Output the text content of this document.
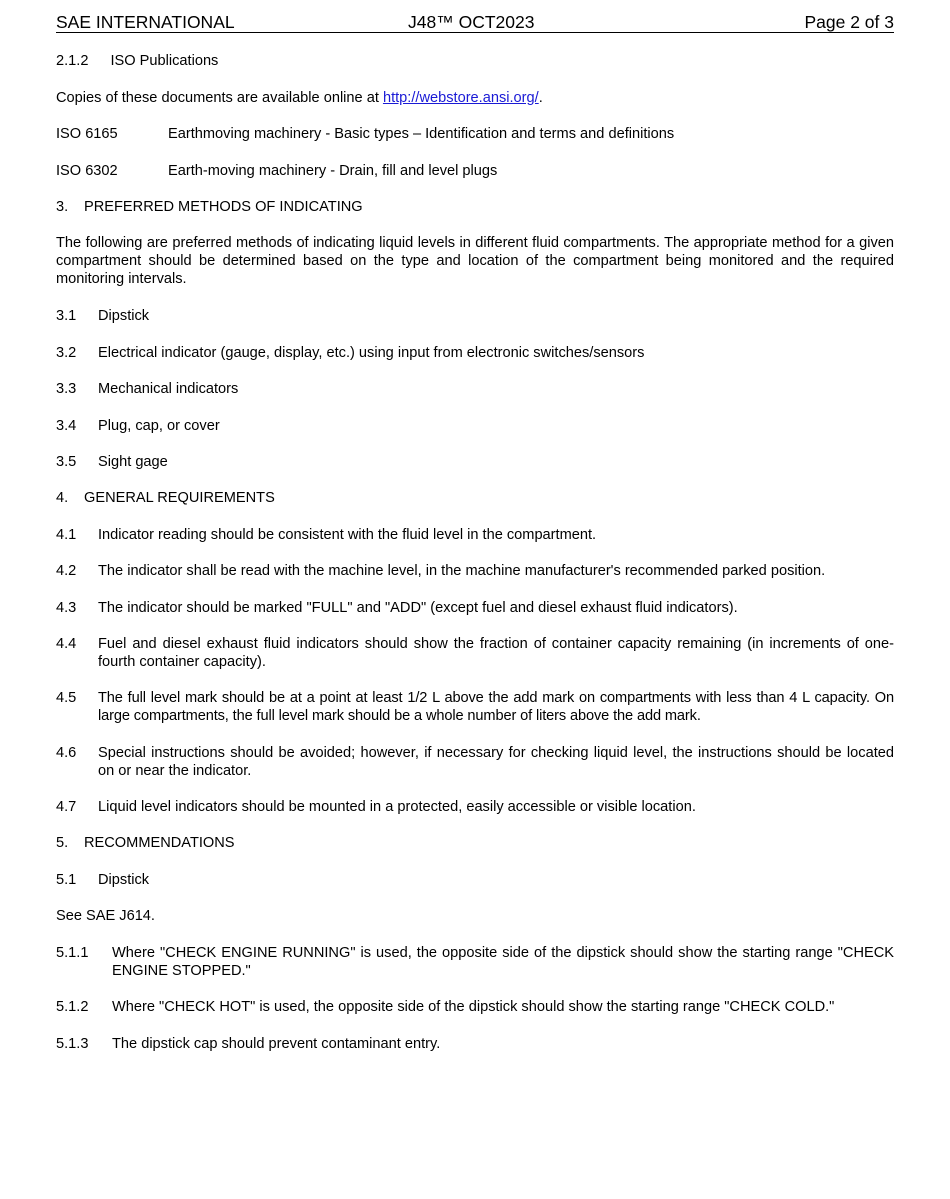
SAE INTERNATIONAL	J48™ OCT2023	Page 2 of 3
2.1.2 ISO Publications
Copies of these documents are available online at http://webstore.ansi.org/.
ISO 6165	Earthmoving machinery - Basic types – Identification and terms and definitions
ISO 6302	Earth-moving machinery - Drain, fill and level plugs
3. PREFERRED METHODS OF INDICATING
The following are preferred methods of indicating liquid levels in different fluid compartments. The appropriate method for a given compartment should be determined based on the type and location of the compartment being monitored and the required monitoring intervals.
3.1 Dipstick
3.2 Electrical indicator (gauge, display, etc.) using input from electronic switches/sensors
3.3 Mechanical indicators
3.4 Plug, cap, or cover
3.5 Sight gage
4. GENERAL REQUIREMENTS
4.1 Indicator reading should be consistent with the fluid level in the compartment.
4.2 The indicator shall be read with the machine level, in the machine manufacturer's recommended parked position.
4.3 The indicator should be marked "FULL" and "ADD" (except fuel and diesel exhaust fluid indicators).
4.4 Fuel and diesel exhaust fluid indicators should show the fraction of container capacity remaining (in increments of one-fourth container capacity).
4.5 The full level mark should be at a point at least 1/2 L above the add mark on compartments with less than 4 L capacity. On large compartments, the full level mark should be a whole number of liters above the add mark.
4.6 Special instructions should be avoided; however, if necessary for checking liquid level, the instructions should be located on or near the indicator.
4.7 Liquid level indicators should be mounted in a protected, easily accessible or visible location.
5. RECOMMENDATIONS
5.1 Dipstick
See SAE J614.
5.1.1 Where "CHECK ENGINE RUNNING" is used, the opposite side of the dipstick should show the starting range "CHECK ENGINE STOPPED."
5.1.2 Where "CHECK HOT" is used, the opposite side of the dipstick should show the starting range "CHECK COLD."
5.1.3 The dipstick cap should prevent contaminant entry.
